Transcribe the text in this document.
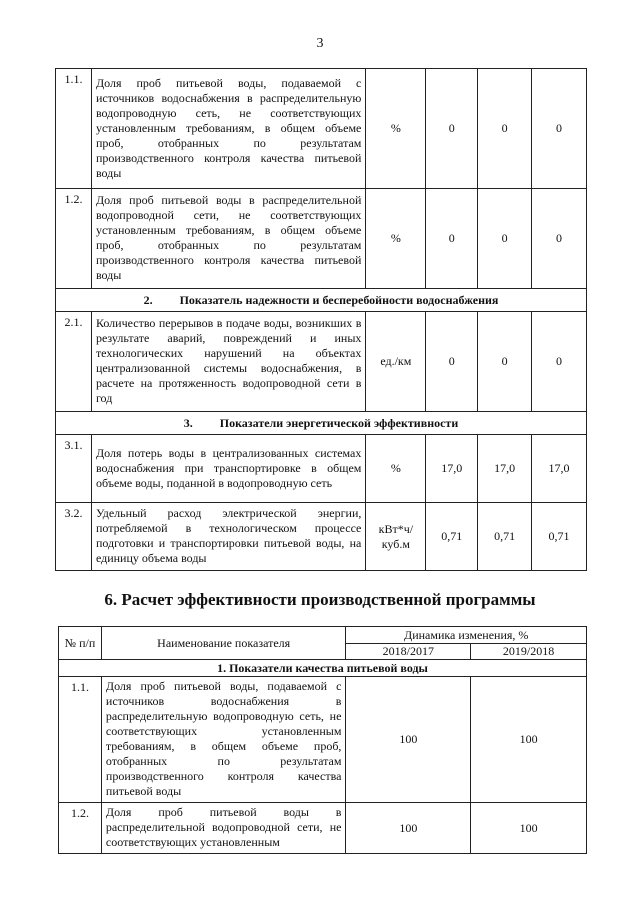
3
1.1.	Доля проб питьевой воды, подаваемой с источников водоснабжения в распределительную водопроводную сеть, не соответствующих установленным требованиям, в общем объеме проб, отобранных по результатам производственного контроля качества питьевой воды	%	0	0	0
1.2.	Доля проб питьевой воды в распределительной водопроводной сети, не соответствующих установленным требованиям, в общем объеме проб, отобранных по результатам производственного контроля качества питьевой воды	%	0	0	0
2. Показатель надежности и бесперебойности водоснабжения					
2.1.	Количество перерывов в подаче воды, возникших в результате аварий, повреждений и иных технологических нарушений на объектах централизованной системы водоснабжения, в расчете на протяженность водопроводной сети в год	ед./км	0	0	0
3. Показатели энергетической эффективности					
3.1.	Доля потерь воды в централизованных системах водоснабжения при транспортировке в общем объеме воды, поданной в водопроводную сеть	%	17,0	17,0	17,0
3.2.	Удельный расход электрической энергии, потребляемой в технологическом процессе подготовки и транспортировки питьевой воды, на единицу объема воды	кВт*ч/ куб.м	0,71	0,71	0,71
6. Расчет эффективности производственной программы
№ п/п	Наименование показателя	Динамика изменения, %	
		2018/2017	2019/2018
1. Показатели качества питьевой воды			
1.1.	Доля проб питьевой воды, подаваемой с источников водоснабжения в распределительную водопроводную сеть, не соответствующих установленным требованиям, в общем объеме проб, отобранных по результатам производственного контроля качества питьевой воды	100	100
1.2.	Доля проб питьевой воды в распределительной водопроводной сети, не соответствующих установленным	100	100
